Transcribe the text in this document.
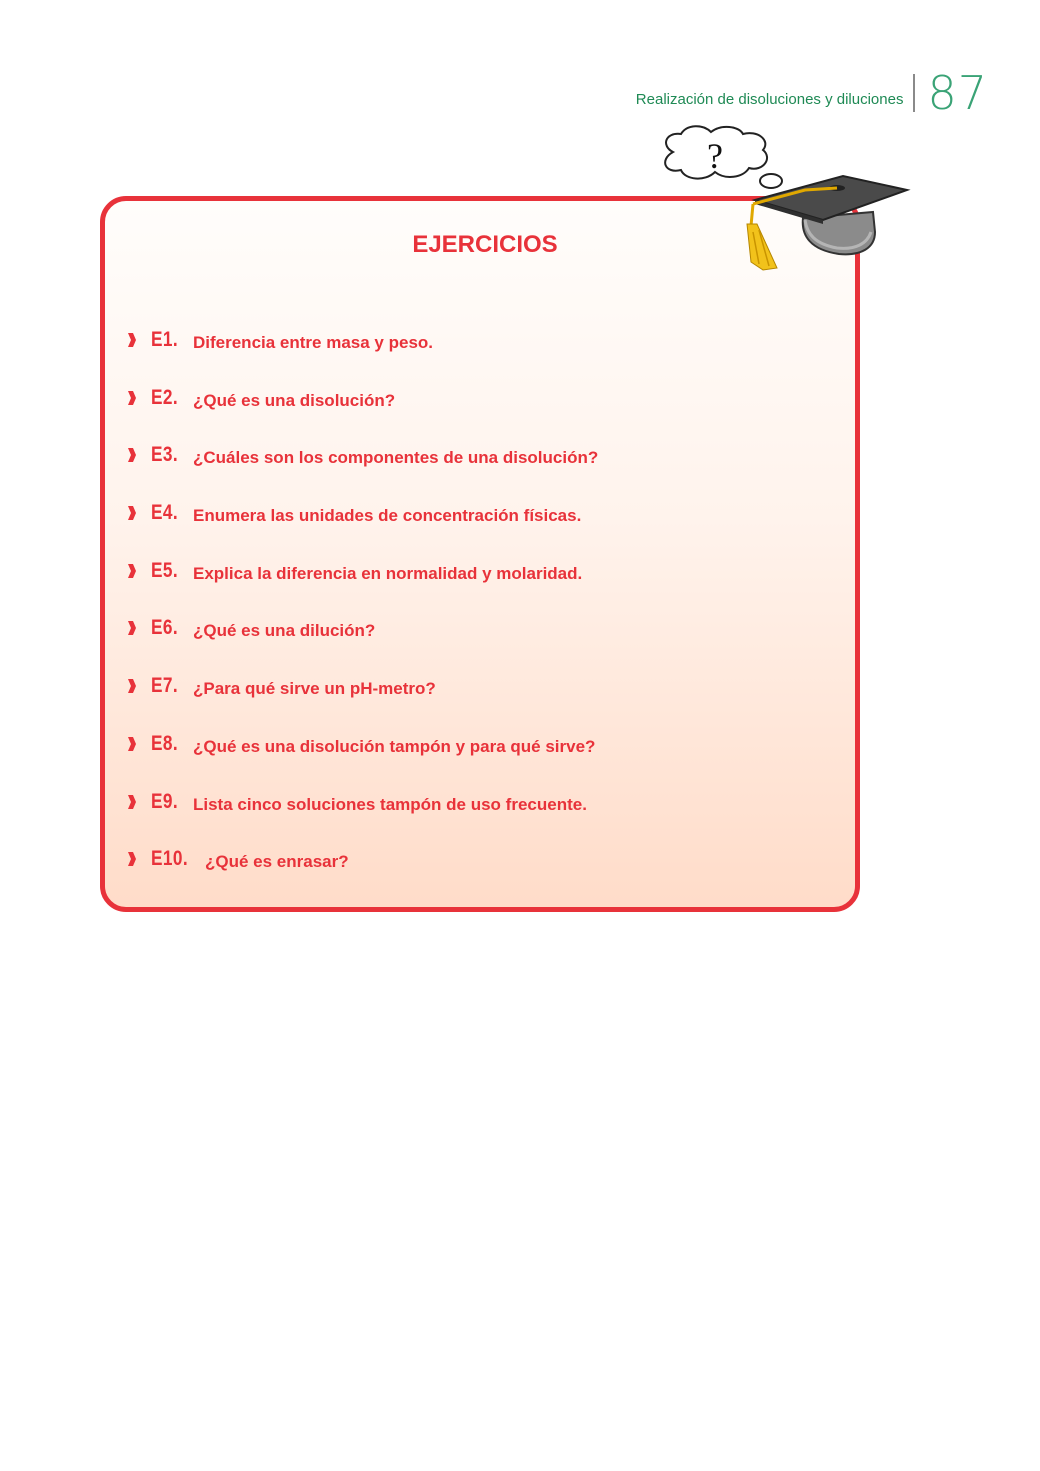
Realización de disoluciones y diluciones 87
EJERCICIOS
E1. Diferencia entre masa y peso.
E2. ¿Qué es una disolución?
E3. ¿Cuáles son los componentes de una disolución?
E4. Enumera las unidades de concentración físicas.
E5. Explica la diferencia en normalidad y molaridad.
E6. ¿Qué es una dilución?
E7. ¿Para qué sirve un pH-metro?
E8. ¿Qué es una disolución tampón y para qué sirve?
E9. Lista cinco soluciones tampón de uso frecuente.
E10. ¿Qué es enrasar?
?
